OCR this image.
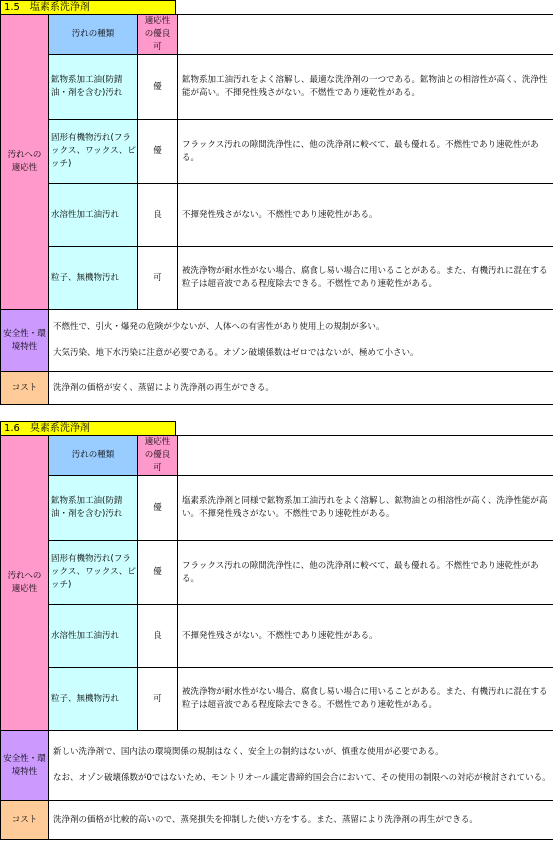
1.5　塩素系洗浄剤
汚れへの適応性	汚れの種類	適応性の優良可	
	鉱物系加工油(防錆油・剤を含む)汚れ	優	鉱物系加工油汚れをよく溶解し、最適な洗浄剤の一つである。鉱物油との相溶性が高く、洗浄性能が高い。不揮発性残さがない。不燃性であり速乾性がある。
	固形有機物汚れ(フラックス、ワックス、ピッチ)	優	フラックス汚れの隙間洗浄性に、他の洗浄剤に較べて、最も優れる。不燃性であり速乾性がある。
	水溶性加工油汚れ	良	不揮発性残さがない。不燃性であり速乾性がある。
	粒子、無機物汚れ	可	被洗浄物が耐水性がない場合、腐食し易い場合に用いることがある。また、有機汚れに混在する粒子は超音波である程度除去できる。不燃性であり速乾性がある。
安全性・環境特性	不燃性で、引火・爆発の危険が少ないが、人体への有害性があり使用上の規制が多い。

大気汚染、地下水汚染に注意が必要である。オゾン破壊係数はゼロではないが、極めて小さい。		

コスト	洗浄剤の価格が安く、蒸留により洗浄剤の再生ができる。		
1.6　臭素系洗浄剤
汚れへの適応性	汚れの種類	適応性の優良可	
	鉱物系加工油(防錆油・剤を含む)汚れ	優	塩素系洗浄剤と同様で鉱物系加工油汚れをよく溶解し、鉱物油との相溶性が高く、洗浄性能が高い。不揮発性残さがない。不燃性であり速乾性がある。
	固形有機物汚れ(フラックス、ワックス、ピッチ)	優	フラックス汚れの隙間洗浄性に、他の洗浄剤に較べて、最も優れる。不燃性であり速乾性がある。
	水溶性加工油汚れ	良	不揮発性残さがない。不燃性であり速乾性がある。
	粒子、無機物汚れ	可	被洗浄物が耐水性がない場合、腐食し易い場合に用いることがある。また、有機汚れに混在する粒子は超音波である程度除去できる。不燃性であり速乾性がある。
安全性・環境特性	新しい洗浄剤で、国内法の環境関係の規制はなく、安全上の制約はないが、慎重な使用が必要である。

なお、オゾン破壊係数が0ではないため、モントリオール議定書締約国会合において、その使用の制限への対応が検討されている。		

コスト	洗浄剤の価格が比較的高いので、蒸発損失を抑制した使い方をする。また、蒸留により洗浄剤の再生ができる。		
